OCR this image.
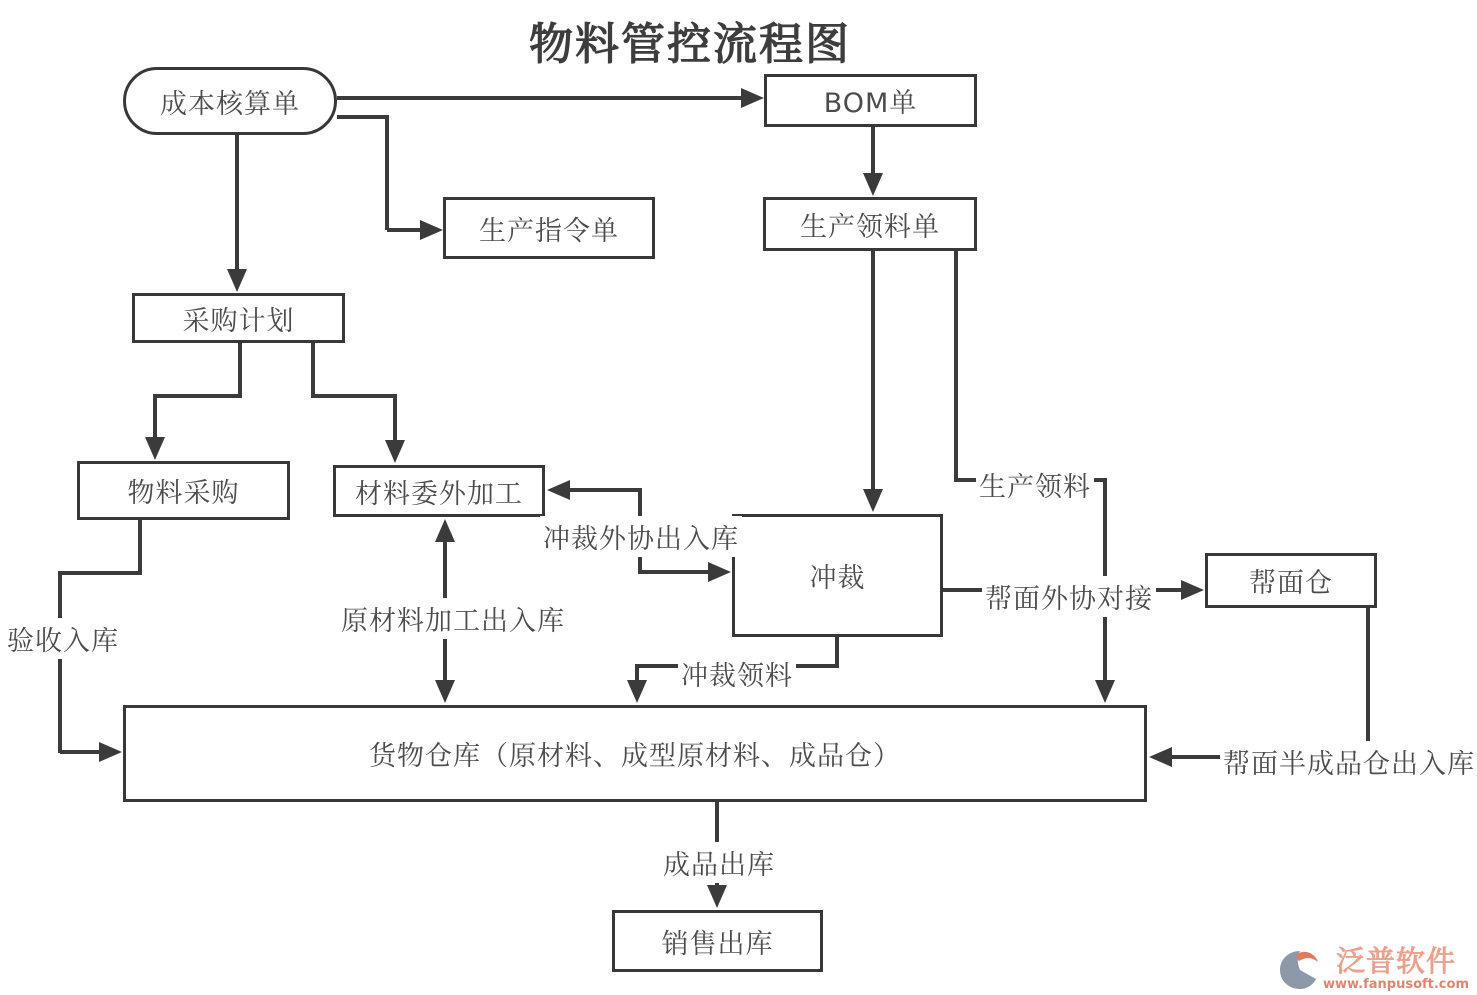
物料管控流程图
冲裁外协出入库
原材料加工出入库
验收入库
生产领料
帮面外协对接
冲裁领料
帮面半成品仓出入库
成品出库
成本核算单	BOM单
生产指令单	生产领料单
采购计划
物料采购	材料委外加工
冲裁	帮面仓
货物仓库（原材料、成型原材料、成品仓）
销售出库	泛普软件
www.fanpusoft.com
